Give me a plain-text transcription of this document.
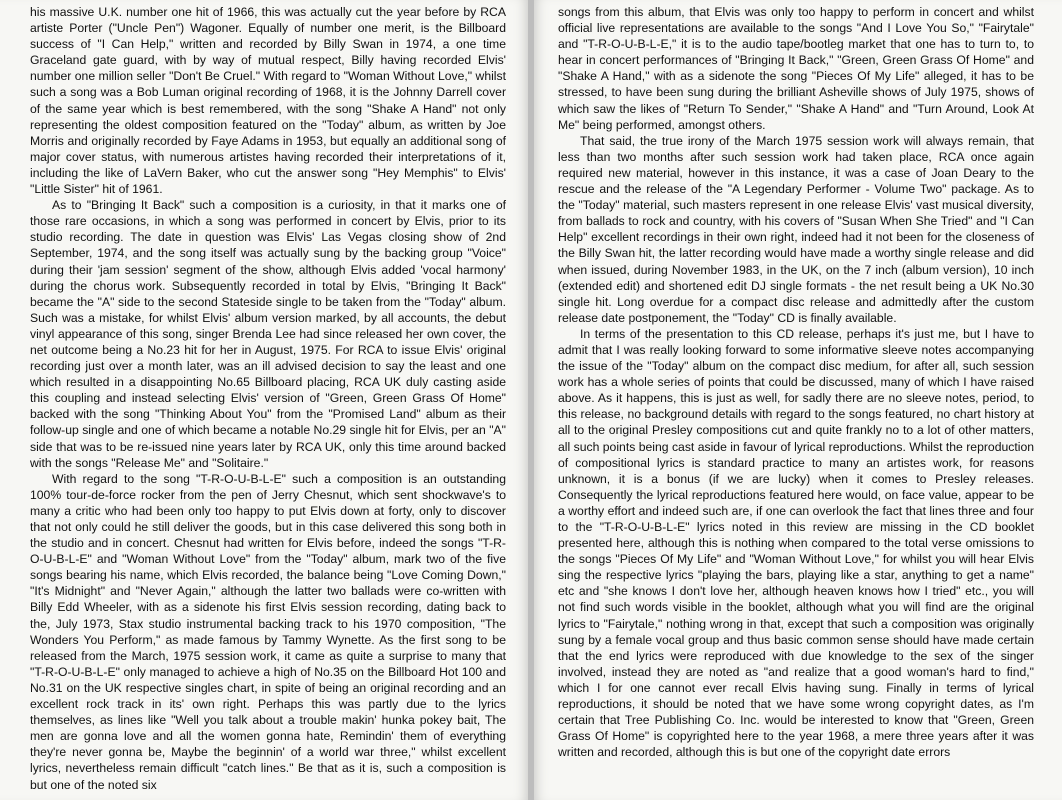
his massive U.K. number one hit of 1966, this was actually cut the year before by RCA artiste Porter ("Uncle Pen") Wagoner. Equally of number one merit, is the Billboard success of "I Can Help," written and recorded by Billy Swan in 1974, a one time Graceland gate guard, with by way of mutual respect, Billy having recorded Elvis' number one million seller "Don't Be Cruel." With regard to "Woman Without Love," whilst such a song was a Bob Luman original recording of 1968, it is the Johnny Darrell cover of the same year which is best remembered, with the song "Shake A Hand" not only representing the oldest composition featured on the "Today" album, as written by Joe Morris and originally recorded by Faye Adams in 1953, but equally an additional song of major cover status, with numerous artistes having recorded their interpretations of it, including the like of LaVern Baker, who cut the answer song "Hey Memphis" to Elvis' "Little Sister" hit of 1961.

As to "Bringing It Back" such a composition is a curiosity, in that it marks one of those rare occasions, in which a song was performed in concert by Elvis, prior to its studio recording. The date in question was Elvis' Las Vegas closing show of 2nd September, 1974, and the song itself was actually sung by the backing group "Voice" during their 'jam session' segment of the show, although Elvis added 'vocal harmony' during the chorus work. Subsequently recorded in total by Elvis, "Bringing It Back" became the "A" side to the second Stateside single to be taken from the "Today" album. Such was a mistake, for whilst Elvis' album version marked, by all accounts, the debut vinyl appearance of this song, singer Brenda Lee had since released her own cover, the net outcome being a No.23 hit for her in August, 1975. For RCA to issue Elvis' original recording just over a month later, was an ill advised decision to say the least and one which resulted in a disappointing No.65 Billboard placing, RCA UK duly casting aside this coupling and instead selecting Elvis' version of "Green, Green Grass Of Home" backed with the song "Thinking About You" from the "Promised Land" album as their follow-up single and one of which became a notable No.29 single hit for Elvis, per an "A" side that was to be re-issued nine years later by RCA UK, only this time around backed with the songs "Release Me" and "Solitaire."

With regard to the song "T-R-O-U-B-L-E" such a composition is an outstanding 100% tour-de-force rocker from the pen of Jerry Chesnut, which sent shockwave's to many a critic who had been only too happy to put Elvis down at forty, only to discover that not only could he still deliver the goods, but in this case delivered this song both in the studio and in concert. Chesnut had written for Elvis before, indeed the songs "T-R-O-U-B-L-E" and "Woman Without Love" from the "Today" album, mark two of the five songs bearing his name, which Elvis recorded, the balance being "Love Coming Down," "It's Midnight" and "Never Again," although the latter two ballads were co-written with Billy Edd Wheeler, with as a sidenote his first Elvis session recording, dating back to the, July 1973, Stax studio instrumental backing track to his 1970 composition, "The Wonders You Perform," as made famous by Tammy Wynette. As the first song to be released from the March, 1975 session work, it came as quite a surprise to many that "T-R-O-U-B-L-E" only managed to achieve a high of No.35 on the Billboard Hot 100 and No.31 on the UK respective singles chart, in spite of being an original recording and an excellent rock track in its' own right. Perhaps this was partly due to the lyrics themselves, as lines like "Well you talk about a trouble makin' hunka pokey bait, The men are gonna love and all the women gonna hate, Remindin' them of everything they're never gonna be, Maybe the beginnin' of a world war three," whilst excellent lyrics, nevertheless remain difficult "catch lines." Be that as it is, such a composition is but one of the noted six

songs from this album, that Elvis was only too happy to perform in concert and whilst official live representations are available to the songs "And I Love You So," "Fairytale" and "T-R-O-U-B-L-E," it is to the audio tape/bootleg market that one has to turn to, to hear in concert performances of "Bringing It Back," "Green, Green Grass Of Home" and "Shake A Hand," with as a sidenote the song "Pieces Of My Life" alleged, it has to be stressed, to have been sung during the brilliant Asheville shows of July 1975, shows of which saw the likes of "Return To Sender," "Shake A Hand" and "Turn Around, Look At Me" being performed, amongst others.

That said, the true irony of the March 1975 session work will always remain, that less than two months after such session work had taken place, RCA once again required new material, however in this instance, it was a case of Joan Deary to the rescue and the release of the "A Legendary Performer - Volume Two" package. As to the "Today" material, such masters represent in one release Elvis' vast musical diversity, from ballads to rock and country, with his covers of "Susan When She Tried" and "I Can Help" excellent recordings in their own right, indeed had it not been for the closeness of the Billy Swan hit, the latter recording would have made a worthy single release and did when issued, during November 1983, in the UK, on the 7 inch (album version), 10 inch (extended edit) and shortened edit DJ single formats - the net result being a UK No.30 single hit. Long overdue for a compact disc release and admittedly after the custom release date postponement, the "Today" CD is finally available.

In terms of the presentation to this CD release, perhaps it's just me, but I have to admit that I was really looking forward to some informative sleeve notes accompanying the issue of the "Today" album on the compact disc medium, for after all, such session work has a whole series of points that could be discussed, many of which I have raised above. As it happens, this is just as well, for sadly there are no sleeve notes, period, to this release, no background details with regard to the songs featured, no chart history at all to the original Presley compositions cut and quite frankly no to a lot of other matters, all such points being cast aside in favour of lyrical reproductions. Whilst the reproduction of compositional lyrics is standard practice to many an artistes work, for reasons unknown, it is a bonus (if we are lucky) when it comes to Presley releases. Consequently the lyrical reproductions featured here would, on face value, appear to be a worthy effort and indeed such are, if one can overlook the fact that lines three and four to the "T-R-O-U-B-L-E" lyrics noted in this review are missing in the CD booklet presented here, although this is nothing when compared to the total verse omissions to the songs "Pieces Of My Life" and "Woman Without Love," for whilst you will hear Elvis sing the respective lyrics "playing the bars, playing like a star, anything to get a name" etc and "she knows I don't love her, although heaven knows how I tried" etc., you will not find such words visible in the booklet, although what you will find are the original lyrics to "Fairytale," nothing wrong in that, except that such a composition was originally sung by a female vocal group and thus basic common sense should have made certain that the end lyrics were reproduced with due knowledge to the sex of the singer involved, instead they are noted as "and realize that a good woman's hard to find," which I for one cannot ever recall Elvis having sung. Finally in terms of lyrical reproductions, it should be noted that we have some wrong copyright dates, as I'm certain that Tree Publishing Co. Inc. would be interested to know that "Green, Green Grass Of Home" is copyrighted here to the year 1968, a mere three years after it was written and recorded, although this is but one of the copyright date errors
